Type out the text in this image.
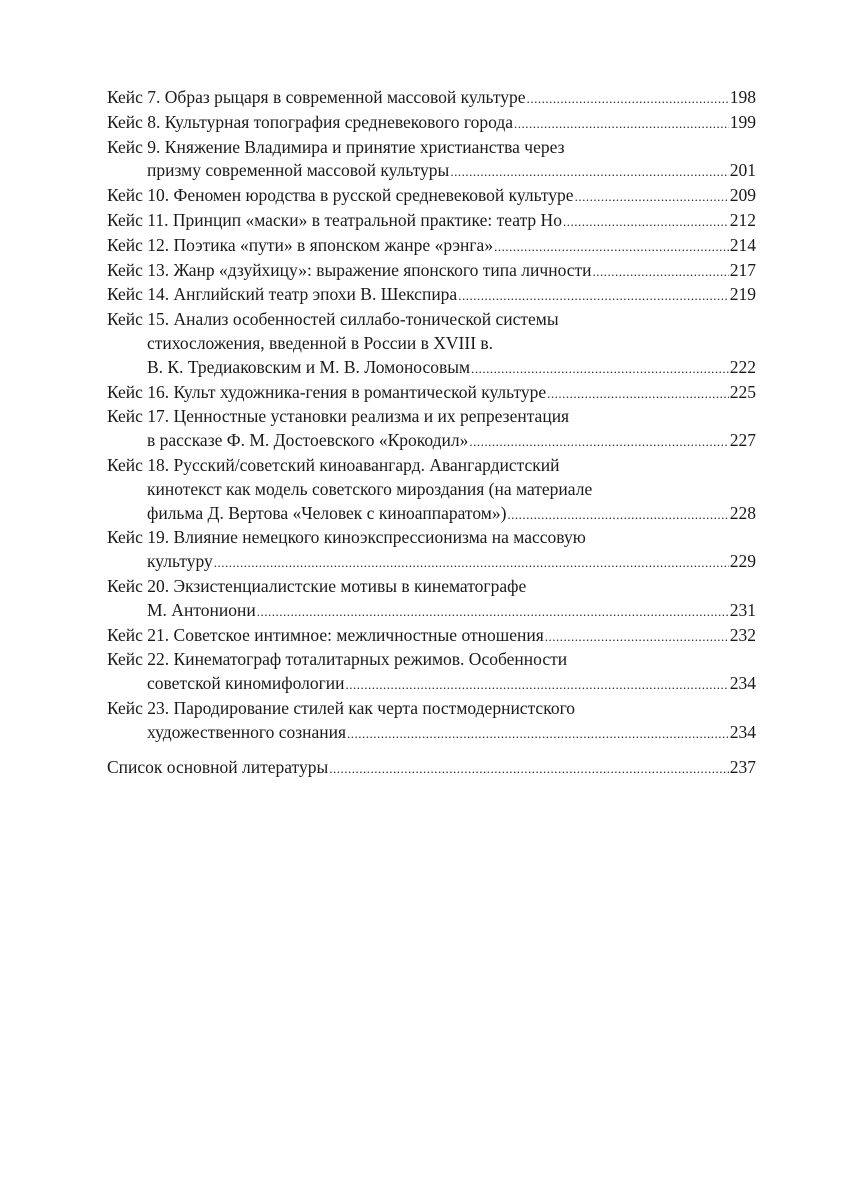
Кейс 7. Образ рыцаря в современной массовой культуре .....	198
Кейс 8. Культурная топография средневекового города .....	199
Кейс 9. Княжение Владимира и принятие христианства через
призму современной массовой культуры .....	201
Кейс 10. Феномен юродства в русской средневековой культуре .....	209
Кейс 11. Принцип «маски» в театральной практике: театр Но .....	212
Кейс 12. Поэтика «пути» в японском жанре «рэнга» .....	214
Кейс 13. Жанр «дзуйхицу»: выражение японского типа личности .....	217
Кейс 14. Английский театр эпохи В. Шекспира .....	219
Кейс 15. Анализ особенностей силлабо-тонической системы
стихосложения, введенной в России в XVIII в.
В. К. Тредиаковским и М. В. Ломоносовым .....	222
Кейс 16. Культ художника-гения в романтической культуре .....	225
Кейс 17. Ценностные установки реализма и их репрезентация
в рассказе Ф. М. Достоевского «Крокодил» .....	227
Кейс 18. Русский/советский киноавангард. Авангардистский
кинотекст как модель советского мироздания (на материале
фильма Д. Вертова «Человек с киноаппаратом») .....	228
Кейс 19. Влияние немецкого киноэкспрессионизма на массовую
культуру .....	229
Кейс 20. Экзистенциалистские мотивы в кинематографе
М. Антониони .....	231
Кейс 21. Советское интимное: межличностные отношения .....	232
Кейс 22. Кинематограф тоталитарных режимов. Особенности
советской киномифологии .....	234
Кейс 23. Пародирование стилей как черта постмодернистского
художественного сознания .....	234
Список основной литературы .....	237
